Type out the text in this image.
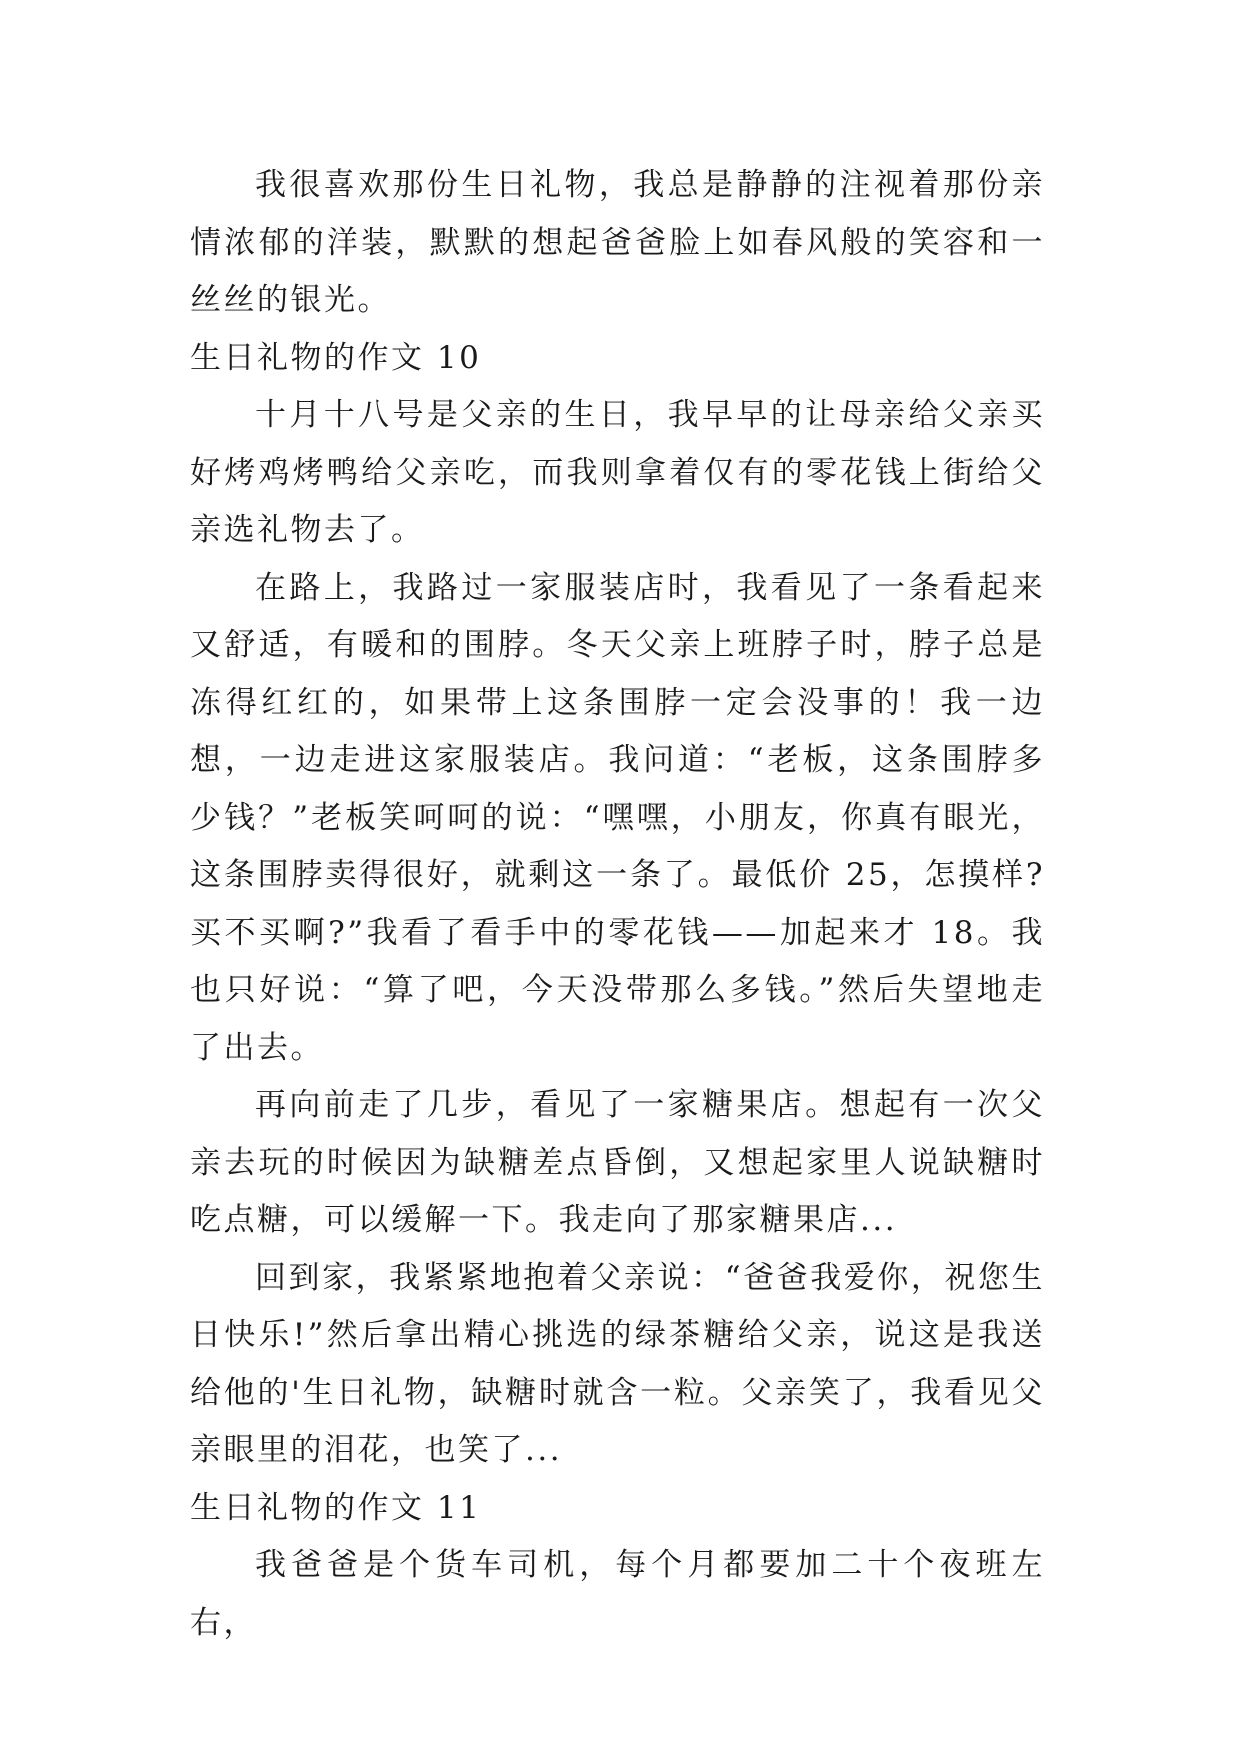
我很喜欢那份生日礼物，我总是静静的注视着那份亲情浓郁的洋装，默默的想起爸爸脸上如春风般的笑容和一丝丝的银光。

生日礼物的作文 10

十月十八号是父亲的生日，我早早的让母亲给父亲买好烤鸡烤鸭给父亲吃，而我则拿着仅有的零花钱上街给父亲选礼物去了。

在路上，我路过一家服装店时，我看见了一条看起来又舒适，有暖和的围脖。冬天父亲上班脖子时，脖子总是冻得红红的，如果带上这条围脖一定会没事的！我一边想，一边走进这家服装店。我问道：“老板，这条围脖多少钱？”老板笑呵呵的说：“嘿嘿，小朋友，你真有眼光，这条围脖卖得很好，就剩这一条了。最低价 25，怎摸样?买不买啊?”我看了看手中的零花钱——加起来才 18。我也只好说：“算了吧，今天没带那么多钱。”然后失望地走了出去。

再向前走了几步，看见了一家糖果店。想起有一次父亲去玩的时候因为缺糖差点昏倒，又想起家里人说缺糖时吃点糖，可以缓解一下。我走向了那家糖果店...

回到家，我紧紧地抱着父亲说：“爸爸我爱你，祝您生日快乐!”然后拿出精心挑选的绿茶糖给父亲，说这是我送给他的'生日礼物，缺糖时就含一粒。父亲笑了，我看见父亲眼里的泪花，也笑了...

生日礼物的作文 11

我爸爸是个货车司机，每个月都要加二十个夜班左右，
